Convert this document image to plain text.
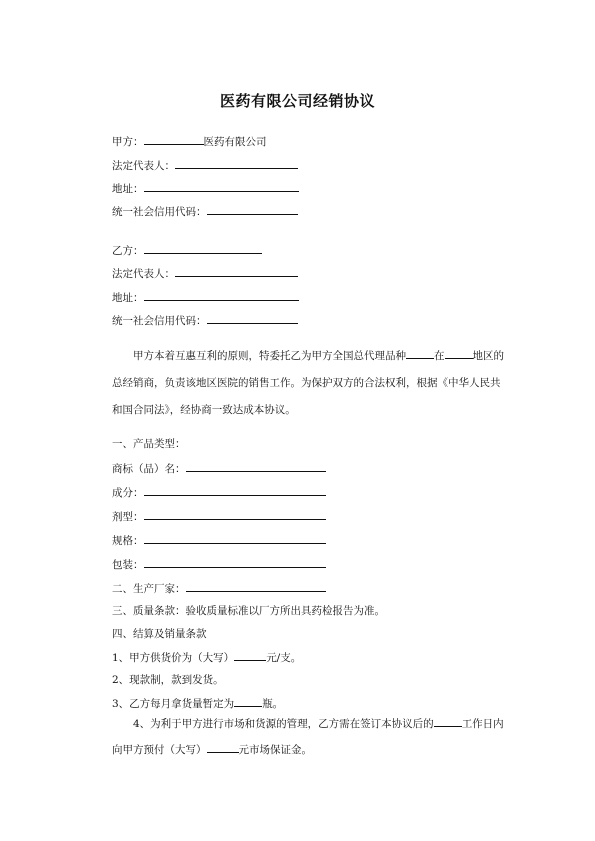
医药有限公司经销协议
甲方：	医药有限公司
法定代表人：
地址：
统一社会信用代码：
乙方：
法定代表人：
地址：
统一社会信用代码：
甲方本着互惠互利的原则，特委托乙为甲方全国总代理品种	在	地区的总经销商，负责该地区医院的销售工作。为保护双方的合法权利，根据《中华人民共和国合同法》，经协商一致达成本协议。
一、产品类型：
商标（品）名：
成分：
剂型：
规格：
包装：
二、生产厂家：
三、质量条款：验收质量标准以厂方所出具药检报告为准。
四、结算及销量条款
1、甲方供货价为（大写）	元/支。
2、现款制，款到发货。
3、乙方每月拿货量暂定为	瓶。
4、为利于甲方进行市场和货源的管理，乙方需在签订本协议后的	工作日内向甲方预付（大写）	元市场保证金。
